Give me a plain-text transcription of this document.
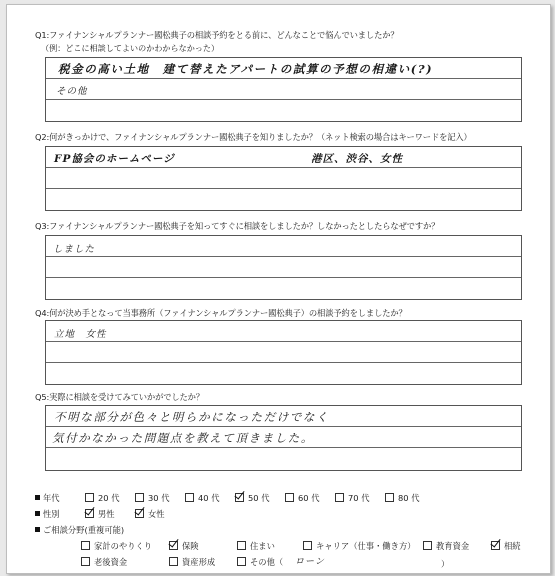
Q1:ファイナンシャルプランナー國松典子の相談予約をとる前に、どんなことで悩んでいましたか？
（例：どこに相談してよいのかわからなかった）
税金の高い土地　建て替えたアパートの試算の予想の相違い(?)
その他
Q2:何がきっかけで、ファイナンシャルプランナー國松典子を知りましたか？（ネット検索の場合はキーワードを記入）
FP協会のホームページ	港区、渋谷、女性
Q3:ファイナンシャルプランナー國松典子を知ってすぐに相談をしましたか？しなかったとしたらなぜですか？
しました
Q4:何が決め手となって当事務所（ファイナンシャルプランナー國松典子）の相談予約をしましたか？
立地　女性
Q5:実際に相談を受けてみていかがでしたか？
不明な部分が色々と明らかになっただけでなく
気付かなかった問題点を教えて頂きました。
年代	20 代	30 代	40 代	50 代	60 代	70 代	80 代
性別	男性	女性
ご相談分野(重複可能)
家計のやりくり	保険	住まい	キャリア（仕事・働き方）	教育資金	相続
老後資金	資産形成	その他（ ローン	）
